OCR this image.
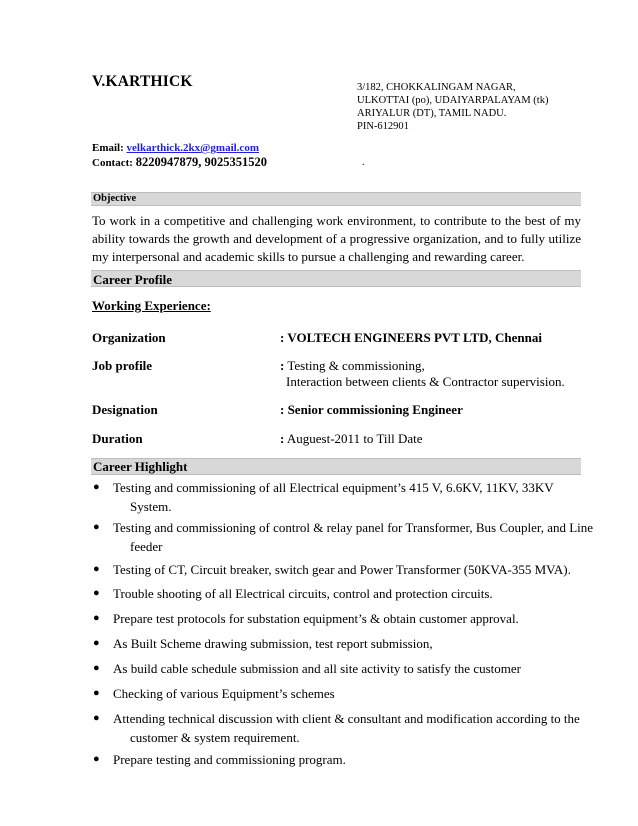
V.KARTHICK	3/182, CHOKKALINGAM NAGAR,
ULKOTTAI (po), UDAIYARPALAYAM (tk)
ARIYALUR (DT), TAMIL NADU.
PIN-612901
Email: velkarthick.2kx@gmail.com
Contact: 8220947879, 9025351520	.
Objective
To work in a competitive and challenging work environment, to contribute to the best of my ability towards the growth and development of a progressive organization, and to fully utilize my interpersonal and academic skills to pursue a challenging and rewarding career.
Career Profile
Working Experience:
Organization	: VOLTECH ENGINEERS PVT LTD, Chennai
Job profile	: Testing & commissioning,
Interaction between clients & Contractor supervision.
Designation	: Senior commissioning Engineer
Duration	: Auguest-2011 to Till Date
Career Highlight
● Testing and commissioning of all Electrical equipment’s 415 V, 6.6KV, 11KV, 33KV
System.
● Testing and commissioning of control & relay panel for Transformer, Bus Coupler, and Line
feeder
● Testing of CT, Circuit breaker, switch gear and Power Transformer (50KVA-355 MVA).
● Trouble shooting of all Electrical circuits, control and protection circuits.
● Prepare test protocols for substation equipment’s & obtain customer approval.
● As Built Scheme drawing submission, test report submission,
● As build cable schedule submission and all site activity to satisfy the customer
● Checking of various Equipment’s schemes
● Attending technical discussion with client & consultant and modification according to the
customer & system requirement.
● Prepare testing and commissioning program.
